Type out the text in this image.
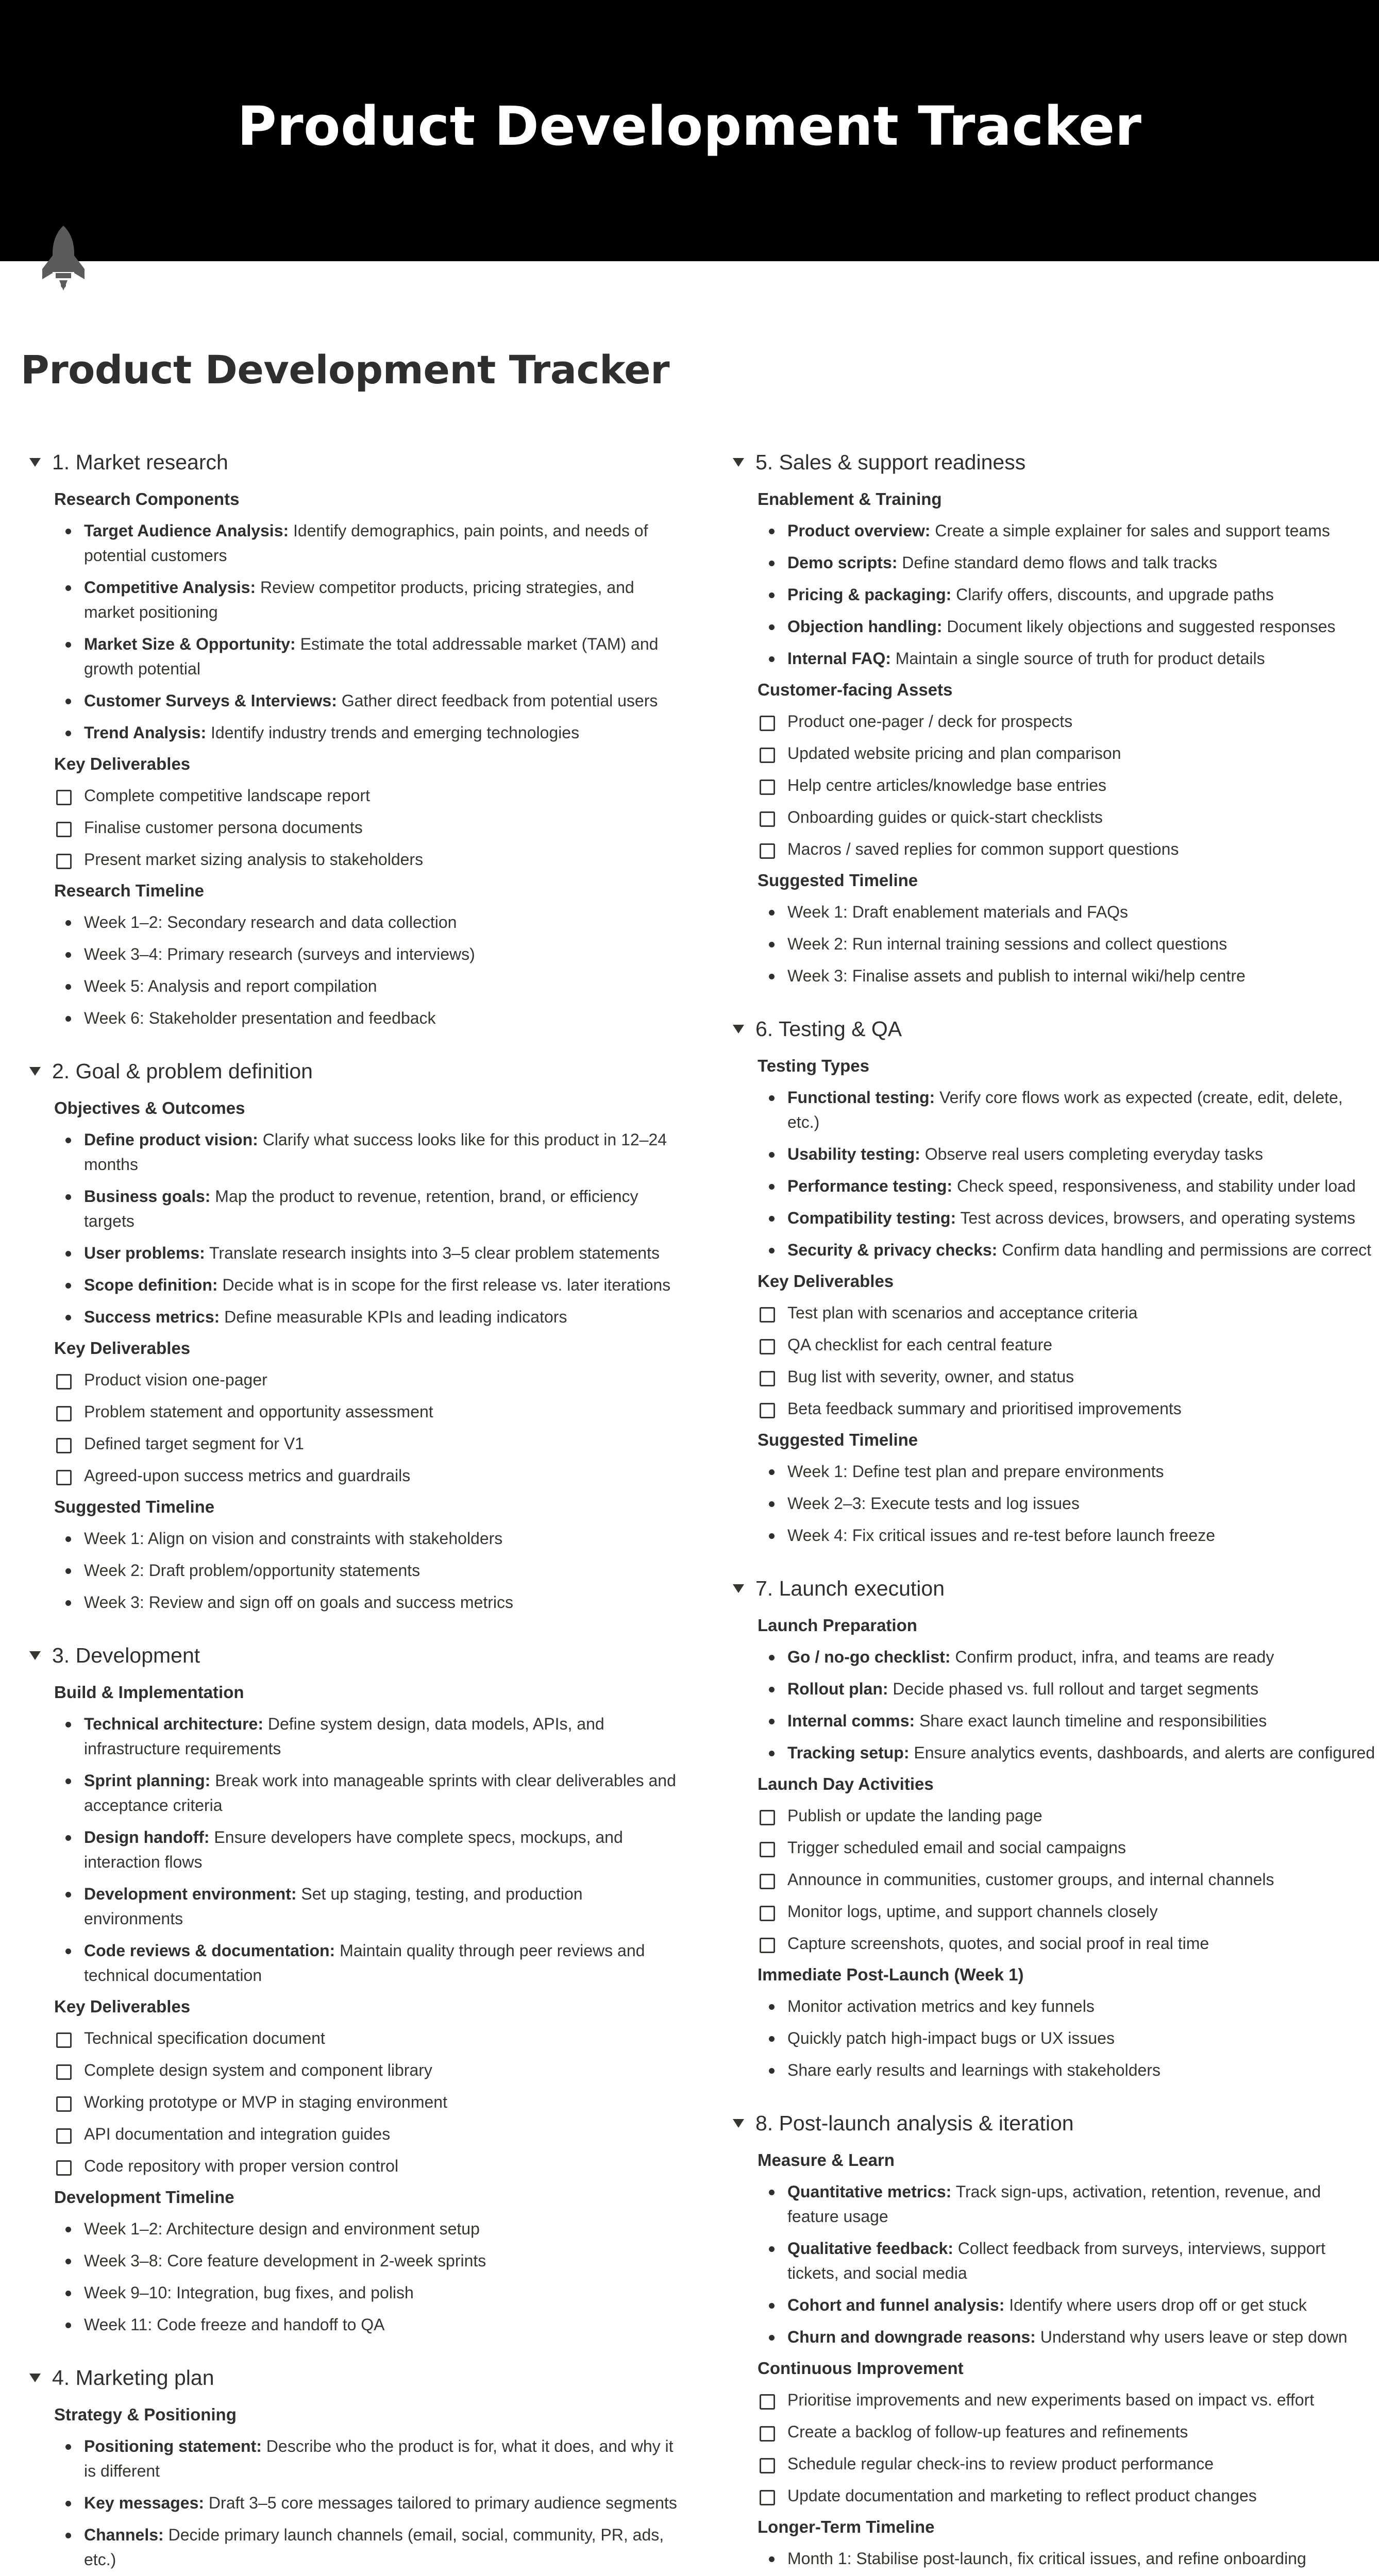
Product Development Tracker
Product Development Tracker
1. Market research
Research Components
Target Audience Analysis: Identify demographics, pain points, and needs of potential customers
Competitive Analysis: Review competitor products, pricing strategies, and market positioning
Market Size & Opportunity: Estimate the total addressable market (TAM) and growth potential
Customer Surveys & Interviews: Gather direct feedback from potential users
Trend Analysis: Identify industry trends and emerging technologies
Key Deliverables
Complete competitive landscape report
Finalise customer persona documents
Present market sizing analysis to stakeholders
Research Timeline
Week 1–2: Secondary research and data collection
Week 3–4: Primary research (surveys and interviews)
Week 5: Analysis and report compilation
Week 6: Stakeholder presentation and feedback
2. Goal & problem definition
Objectives & Outcomes
Define product vision: Clarify what success looks like for this product in 12–24 months
Business goals: Map the product to revenue, retention, brand, or efficiency targets
User problems: Translate research insights into 3–5 clear problem statements
Scope definition: Decide what is in scope for the first release vs. later iterations
Success metrics: Define measurable KPIs and leading indicators
Key Deliverables
Product vision one-pager
Problem statement and opportunity assessment
Defined target segment for V1
Agreed-upon success metrics and guardrails
Suggested Timeline
Week 1: Align on vision and constraints with stakeholders
Week 2: Draft problem/opportunity statements
Week 3: Review and sign off on goals and success metrics
3. Development
Build & Implementation
Technical architecture: Define system design, data models, APIs, and infrastructure requirements
Sprint planning: Break work into manageable sprints with clear deliverables and acceptance criteria
Design handoff: Ensure developers have complete specs, mockups, and interaction flows
Development environment: Set up staging, testing, and production environments
Code reviews & documentation: Maintain quality through peer reviews and technical documentation
Key Deliverables
Technical specification document
Complete design system and component library
Working prototype or MVP in staging environment
API documentation and integration guides
Code repository with proper version control
Development Timeline
Week 1–2: Architecture design and environment setup
Week 3–8: Core feature development in 2-week sprints
Week 9–10: Integration, bug fixes, and polish
Week 11: Code freeze and handoff to QA
4. Marketing plan
Strategy & Positioning
Positioning statement: Describe who the product is for, what it does, and why it is different
Key messages: Draft 3–5 core messages tailored to primary audience segments
Channels: Decide primary launch channels (email, social, community, PR, ads, etc.)
5. Sales & support readiness
Enablement & Training
Product overview: Create a simple explainer for sales and support teams
Demo scripts: Define standard demo flows and talk tracks
Pricing & packaging: Clarify offers, discounts, and upgrade paths
Objection handling: Document likely objections and suggested responses
Internal FAQ: Maintain a single source of truth for product details
Customer-facing Assets
Product one-pager / deck for prospects
Updated website pricing and plan comparison
Help centre articles/knowledge base entries
Onboarding guides or quick-start checklists
Macros / saved replies for common support questions
Suggested Timeline
Week 1: Draft enablement materials and FAQs
Week 2: Run internal training sessions and collect questions
Week 3: Finalise assets and publish to internal wiki/help centre
6. Testing & QA
Testing Types
Functional testing: Verify core flows work as expected (create, edit, delete, etc.)
Usability testing: Observe real users completing everyday tasks
Performance testing: Check speed, responsiveness, and stability under load
Compatibility testing: Test across devices, browsers, and operating systems
Security & privacy checks: Confirm data handling and permissions are correct
Key Deliverables
Test plan with scenarios and acceptance criteria
QA checklist for each central feature
Bug list with severity, owner, and status
Beta feedback summary and prioritised improvements
Suggested Timeline
Week 1: Define test plan and prepare environments
Week 2–3: Execute tests and log issues
Week 4: Fix critical issues and re-test before launch freeze
7. Launch execution
Launch Preparation
Go / no-go checklist: Confirm product, infra, and teams are ready
Rollout plan: Decide phased vs. full rollout and target segments
Internal comms: Share exact launch timeline and responsibilities
Tracking setup: Ensure analytics events, dashboards, and alerts are configured
Launch Day Activities
Publish or update the landing page
Trigger scheduled email and social campaigns
Announce in communities, customer groups, and internal channels
Monitor logs, uptime, and support channels closely
Capture screenshots, quotes, and social proof in real time
Immediate Post-Launch (Week 1)
Monitor activation metrics and key funnels
Quickly patch high-impact bugs or UX issues
Share early results and learnings with stakeholders
8. Post-launch analysis & iteration
Measure & Learn
Quantitative metrics: Track sign-ups, activation, retention, revenue, and feature usage
Qualitative feedback: Collect feedback from surveys, interviews, support tickets, and social media
Cohort and funnel analysis: Identify where users drop off or get stuck
Churn and downgrade reasons: Understand why users leave or step down
Continuous Improvement
Prioritise improvements and new experiments based on impact vs. effort
Create a backlog of follow-up features and refinements
Schedule regular check-ins to review product performance
Update documentation and marketing to reflect product changes
Longer-Term Timeline
Month 1: Stabilise post-launch, fix critical issues, and refine onboarding
